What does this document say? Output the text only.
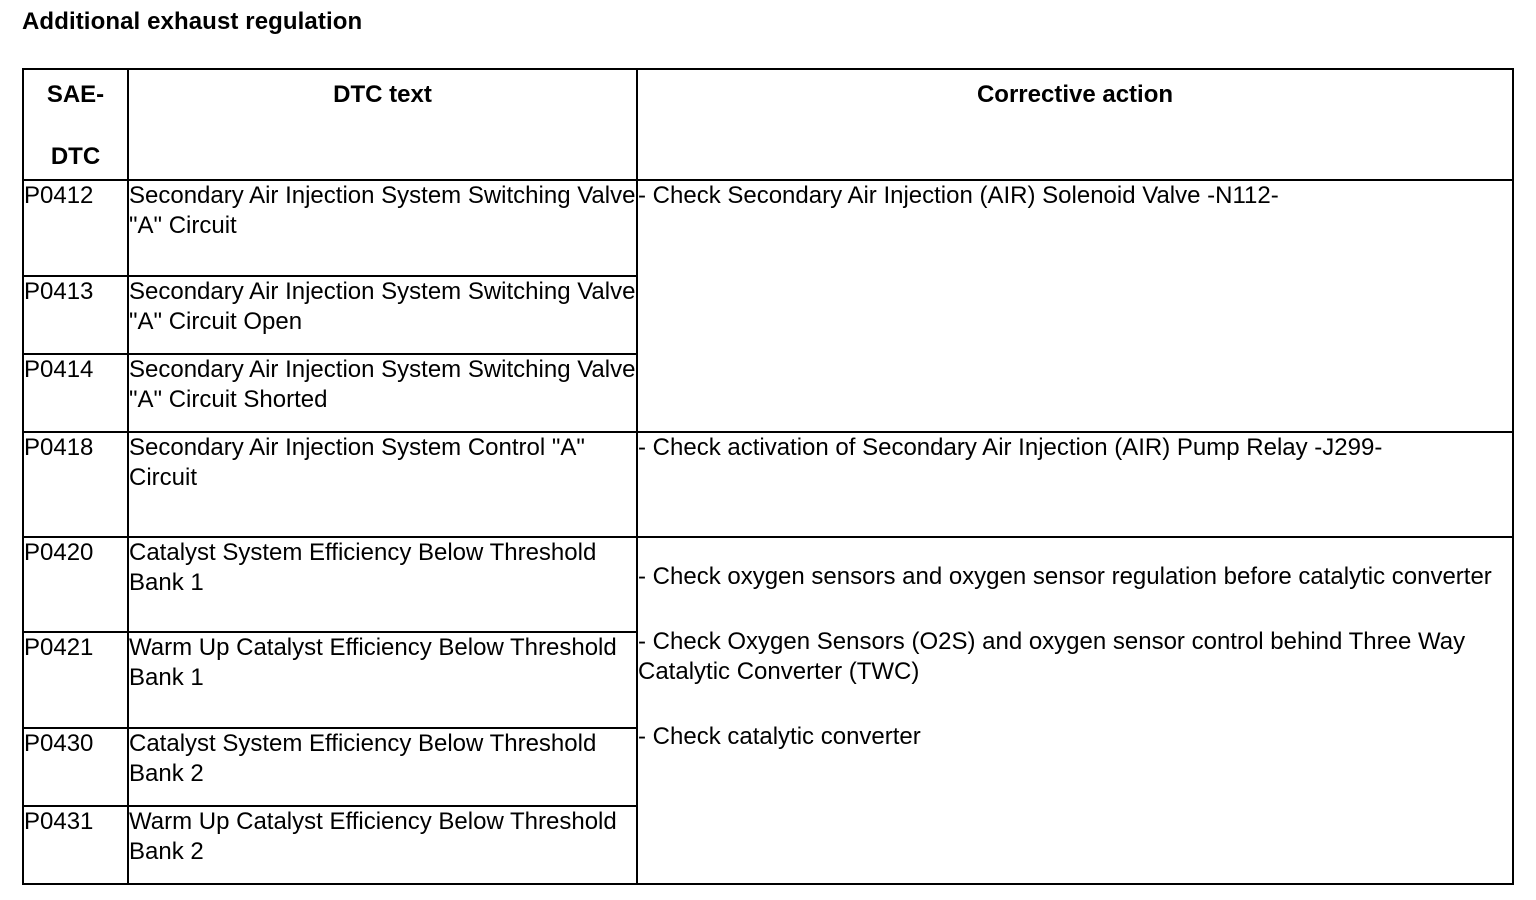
Additional exhaust regulation
SAE-
DTC	DTC text	Corrective action

P0412	Secondary Air Injection System Switching Valve "A" Circuit	- Check Secondary Air Injection (AIR) Solenoid Valve -N112-

P0413	Secondary Air Injection System Switching Valve "A" Circuit Open	
P0414	Secondary Air Injection System Switching Valve "A" Circuit Shorted	
P0418	Secondary Air Injection System Control "A" Circuit	- Check activation of Secondary Air Injection (AIR) Pump Relay -J299-

P0420	Catalyst System Efficiency Below Threshold Bank 1	- Check oxygen sensors and oxygen sensor regulation before catalytic converter
- Check Oxygen Sensors (O2S) and oxygen sensor control behind Three Way Catalytic Converter (TWC)
- Check catalytic converter

P0421	Warm Up Catalyst Efficiency Below Threshold Bank 1	
P0430	Catalyst System Efficiency Below Threshold Bank 2	
P0431	Warm Up Catalyst Efficiency Below Threshold Bank 2	
